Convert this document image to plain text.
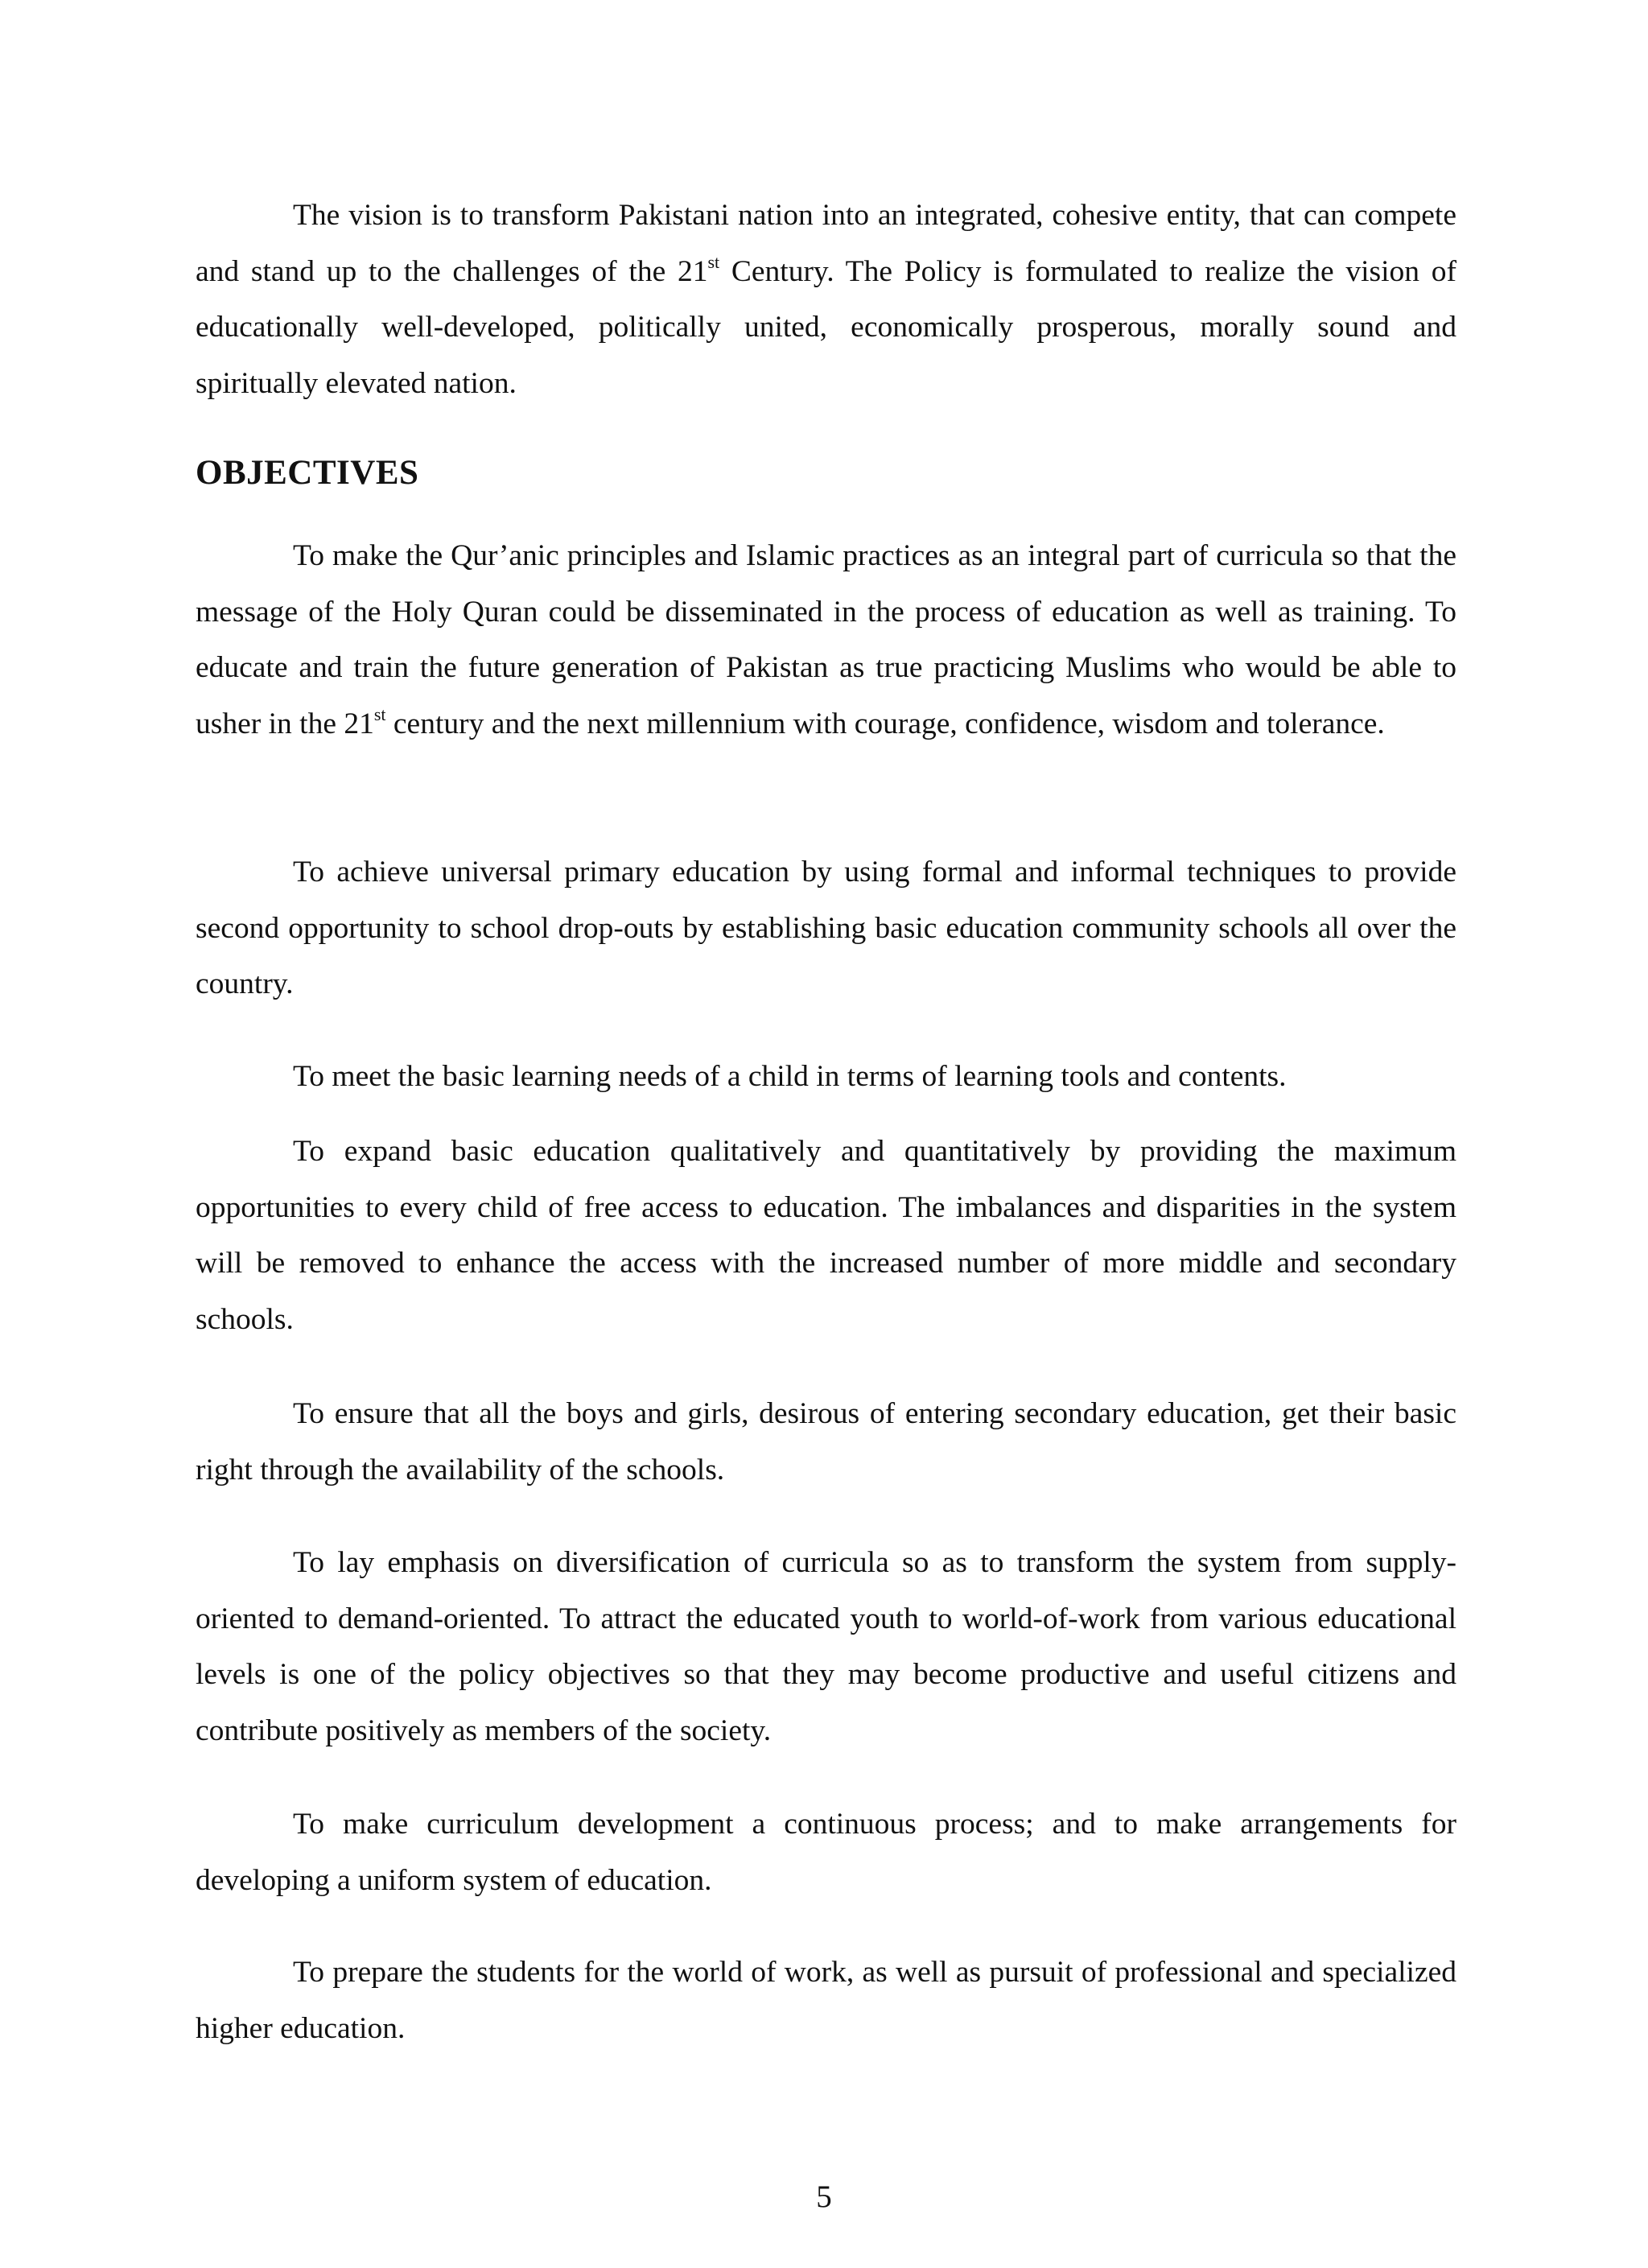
The vision is to transform Pakistani nation into an integrated, cohesive entity, that can compete and stand up to the challenges of the 21st Century. The Policy is formulated to realize the vision of educationally well-developed, politically united, economically prosperous, morally sound and spiritually elevated nation.

OBJECTIVES

To make the Qur’anic principles and Islamic practices as an integral part of curricula so that the message of the Holy Quran could be disseminated in the process of education as well as training. To educate and train the future generation of Pakistan as true practicing Muslims who would be able to usher in the 21st century and the next millennium with courage, confidence, wisdom and tolerance.

To achieve universal primary education by using formal and informal techniques to provide second opportunity to school drop-outs by establishing basic education community schools all over the country.

To meet the basic learning needs of a child in terms of learning tools and contents.

To expand basic education qualitatively and quantitatively by providing the maximum opportunities to every child of free access to education. The imbalances and disparities in the system will be removed to enhance the access with the increased number of more middle and secondary schools.

To ensure that all the boys and girls, desirous of entering secondary education, get their basic right through the availability of the schools.

To lay emphasis on diversification of curricula so as to transform the system from supply-oriented to demand-oriented. To attract the educated youth to world-of-work from various educational levels is one of the policy objectives so that they may become productive and useful citizens and contribute positively as members of the society.

To make curriculum development a continuous process; and to make arrangements for developing a uniform system of education.

To prepare the students for the world of work, as well as pursuit of professional and specialized higher education.

5
